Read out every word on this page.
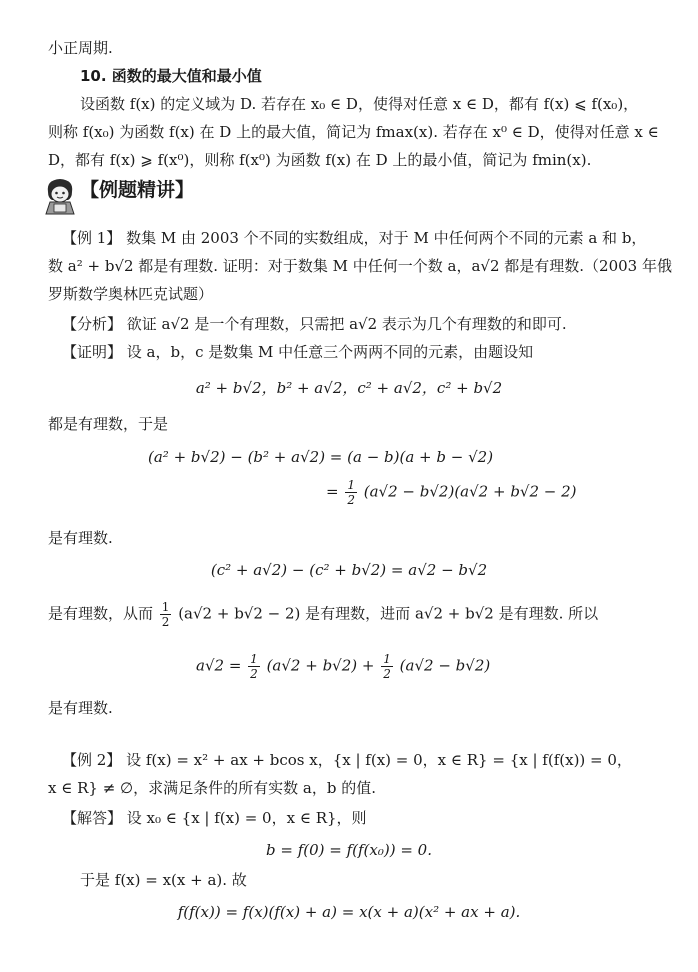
小正周期.
10. 函数的最大值和最小值
设函数 f(x) 的定义域为 D. 若存在 x₀ ∈ D，使得对任意 x ∈ D，都有 f(x) ⩽ f(x₀)，
则称 f(x₀) 为函数 f(x) 在 D 上的最大值，简记为 fmax(x). 若存在 x⁰ ∈ D，使得对任意 x ∈
D，都有 f(x) ⩾ f(x⁰)，则称 f(x⁰) 为函数 f(x) 在 D 上的最小值，简记为 fmin(x).
【例题精讲】
【例 1】 数集 M 由 2003 个不同的实数组成，对于 M 中任何两个不同的元素 a 和 b，
数 a² + b√2 都是有理数. 证明：对于数集 M 中任何一个数 a，a√2 都是有理数.（2003 年俄
罗斯数学奥林匹克试题）
【分析】 欲证 a√2 是一个有理数，只需把 a√2 表示为几个有理数的和即可.
【证明】 设 a，b，c 是数集 M 中任意三个两两不同的元素，由题设知
a² + b√2，b² + a√2，c² + a√2，c² + b√2
都是有理数，于是
(a² + b√2) − (b² + a√2) = (a − b)(a + b − √2)
= $\frac{1}{2} (a√2 - b√2)(a√2 + b√2 - 2)$
是有理数.
(c² + a√2) − (c² + b√2) = a√2 − b√2
是有理数，从而 $\frac{1}{2} (a√2 + b√2 - 2)$ 是有理数，进而 a√2 + b√2 是有理数. 所以
$a√2 = \frac{1}{2} (a√2 + b√2) + \frac{1}{2} (a√2 - b√2)$
是有理数.
【例 2】 设 f(x) = x² + ax + bcos x，{x | f(x) = 0，x ∈ R} = {x | f(f(x)) = 0，
x ∈ R} ≠ ∅，求满足条件的所有实数 a，b 的值.
【解答】 设 x₀ ∈ {x | f(x) = 0，x ∈ R}，则
b = f(0) = f(f(x₀)) = 0.
于是 f(x) = x(x + a). 故
f(f(x)) = f(x)(f(x) + a) = x(x + a)(x² + ax + a).
